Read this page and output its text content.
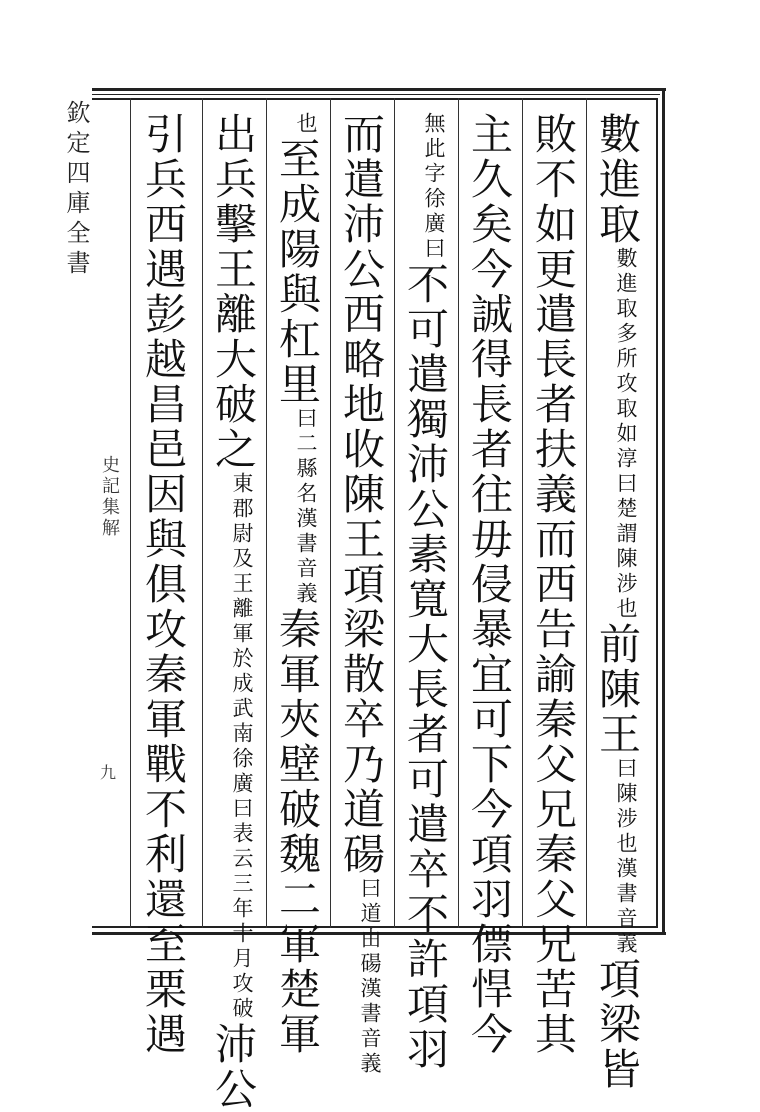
欽定四庫全書
史記集解
九
數進取
如淳曰楚謂陳涉也
數進取多所攻取
前陳王
漢書音義
曰陳涉也
項梁皆
敗不如更遣長者扶義而西告諭秦父兄秦父兄苦其
主久矣今誠得長者往毋侵暴宜可下今項羽僄悍今
徐廣曰
無此字
不可遣獨沛公素寬大長者可遣卒不許項羽
而遣沛公西略地收陳王項梁散卒乃道碭
漢書音義
曰道由碭
也
至成陽與杠里
漢書音義
曰二縣名
秦軍夾壁破魏二軍楚軍
出兵擊王離大破之
徐廣曰表云三年十月攻破
東郡尉及王離軍於成武南
沛公
引兵西遇彭越昌邑因與俱攻秦軍戰不利還至栗遇
